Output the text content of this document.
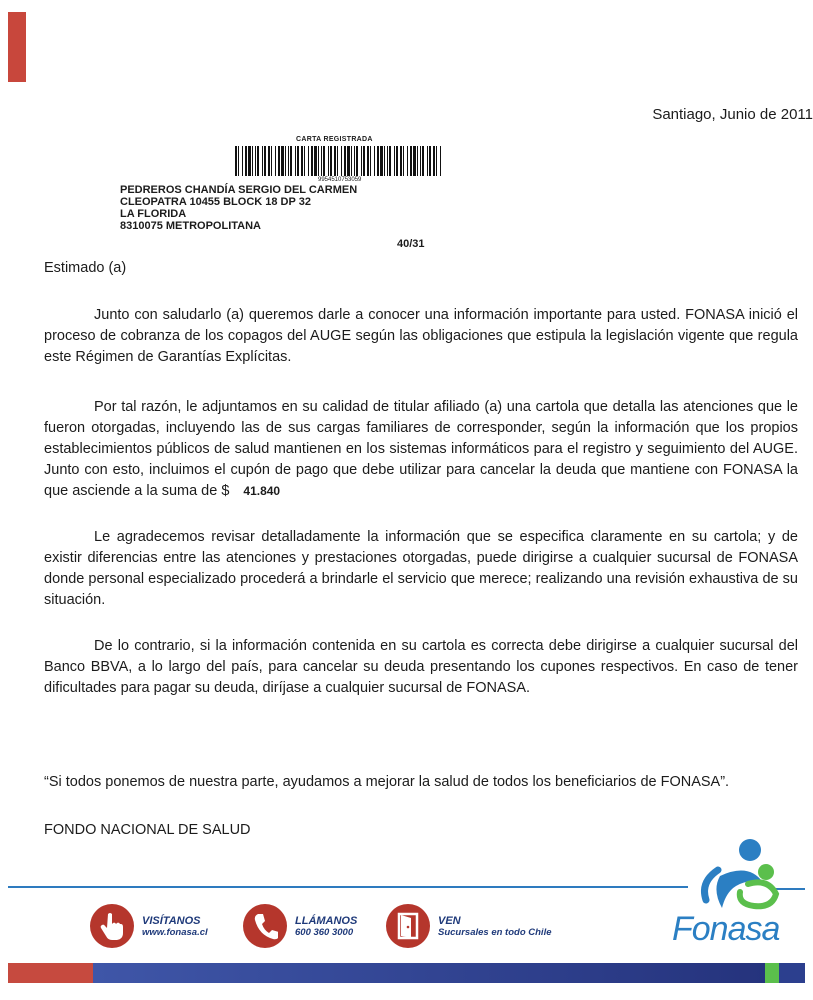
Santiago, Junio de 2011
CARTA REGISTRADA
9954510753059
PEDREROS CHANDÍA SERGIO DEL CARMEN
CLEOPATRA 10455 BLOCK 18 DP 32
LA FLORIDA
8310075 METROPOLITANA
40/31
Estimado (a)

Junto con saludarlo (a) queremos darle a conocer una información importante para usted. FONASA inició el proceso de cobranza de los copagos del AUGE según las obligaciones que estipula la legislación vigente que regula este Régimen de Garantías Explícitas.

Por tal razón, le adjuntamos en su calidad de titular afiliado (a) una cartola que detalla las atenciones que le fueron otorgadas, incluyendo las de sus cargas familiares de corresponder, según la información que los propios establecimientos públicos de salud mantienen en los sistemas informáticos para el registro y seguimiento del AUGE. Junto con esto, incluimos el cupón de pago que debe utilizar para cancelar la deuda que mantiene con FONASA la que asciende a la suma de $ 41.840

Le agradecemos revisar detalladamente la información que se especifica claramente en su cartola; y de existir diferencias entre las atenciones y prestaciones otorgadas, puede dirigirse a cualquier sucursal de FONASA donde personal especializado procederá a brindarle el servicio que merece; realizando una revisión exhaustiva de su situación.

De lo contrario, si la información contenida en su cartola es correcta debe dirigirse a cualquier sucursal del Banco BBVA, a lo largo del país, para cancelar su deuda presentando los cupones respectivos. En caso de tener dificultades para pagar su deuda, diríjase a cualquier sucursal de FONASA.

“Si todos ponemos de nuestra parte, ayudamos a mejorar la salud de todos los beneficiarios de FONASA”.
FONDO NACIONAL DE SALUD
VISÍTANOS
www.fonasa.cl
LLÁMANOS
600 360 3000
VEN
Sucursales en todo Chile	Fonasa
